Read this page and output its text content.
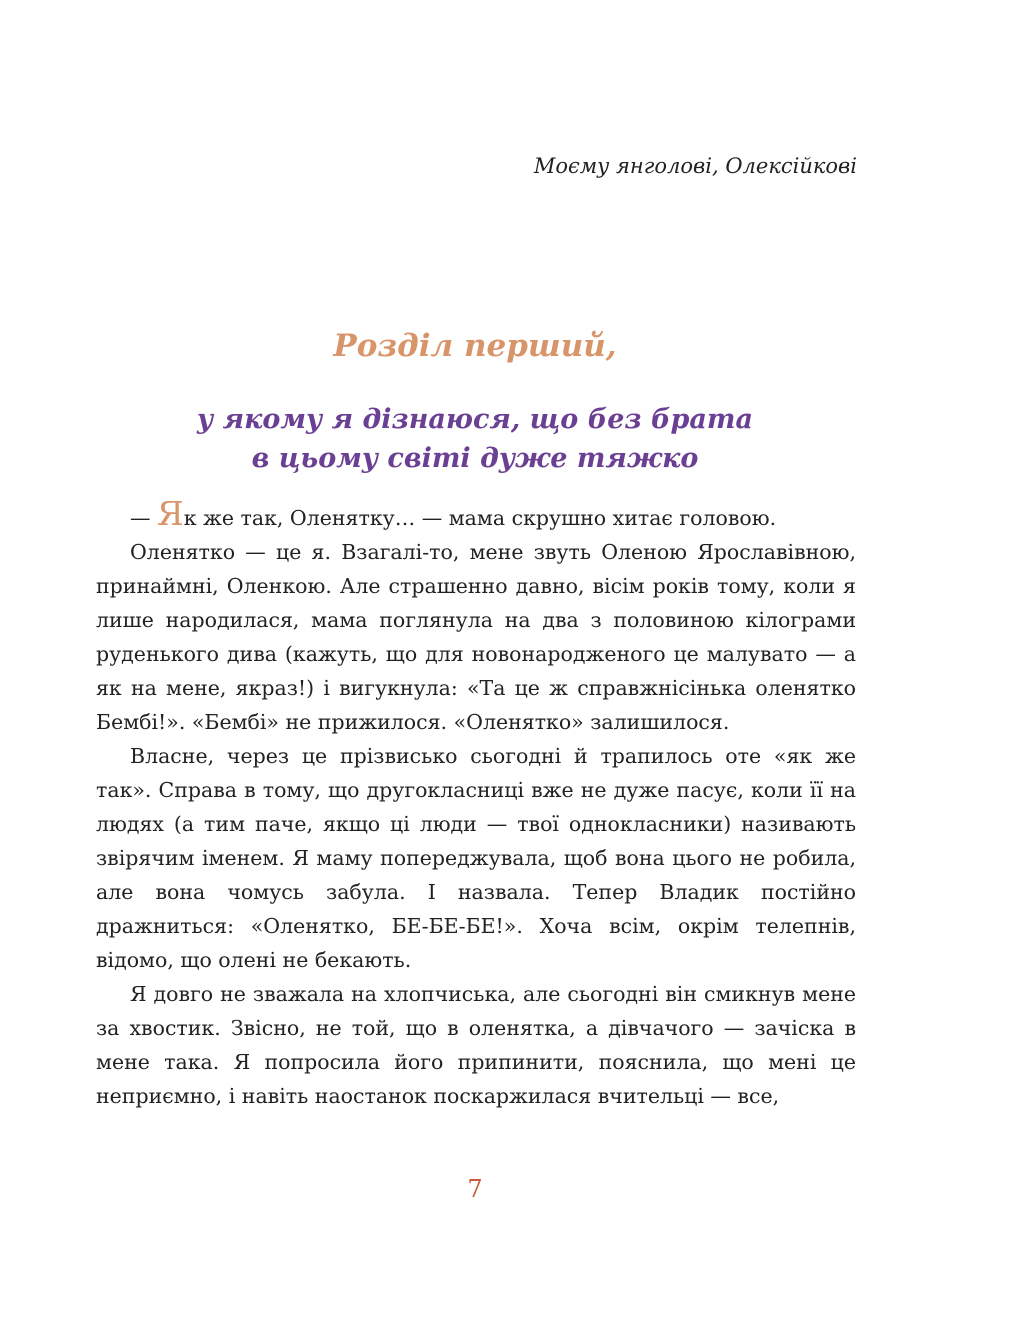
Моєму янголові, Олексійкові
Розділ перший,
у якому я дізнаюся, що без брата
в цьому світі дуже тяжко

— Як же так, Оленятку… — мама скрушно хитає головою.

Оленятко — це я. Взагалі-то, мене звуть Оленою Ярославівною, принаймні, Оленкою. Але страшенно давно, вісім років тому, коли я лише народилася, мама поглянула на два з половиною кілограми руденького дива (кажуть, що для новонародженого це малувато — а як на мене, якраз!) і вигукнула: «Та це ж справжнісінька оленятко Бембі!». «Бембі» не прижилося. «Оленятко» залишилося.

Власне, через це прізвисько сьогодні й трапилось оте «як же так». Справа в тому, що другокласниці вже не дуже пасує, коли її на людях (а тим паче, якщо ці люди — твої однокласники) називають звірячим іменем. Я маму попереджувала, щоб вона цього не робила, але вона чомусь забула. І назвала. Тепер Владик постійно дражниться: «Оленятко, БЕ-БЕ-БЕ!». Хоча всім, окрім телепнів, відомо, що олені не бекають.

Я довго не зважала на хлопчиська, але сьогодні він смикнув мене за хвостик. Звісно, не той, що в оленятка, а дівчачого — зачіска в мене така. Я попросила його припинити, пояснила, що мені це неприємно, і навіть наостанок поскаржилася вчительці — все,

7
